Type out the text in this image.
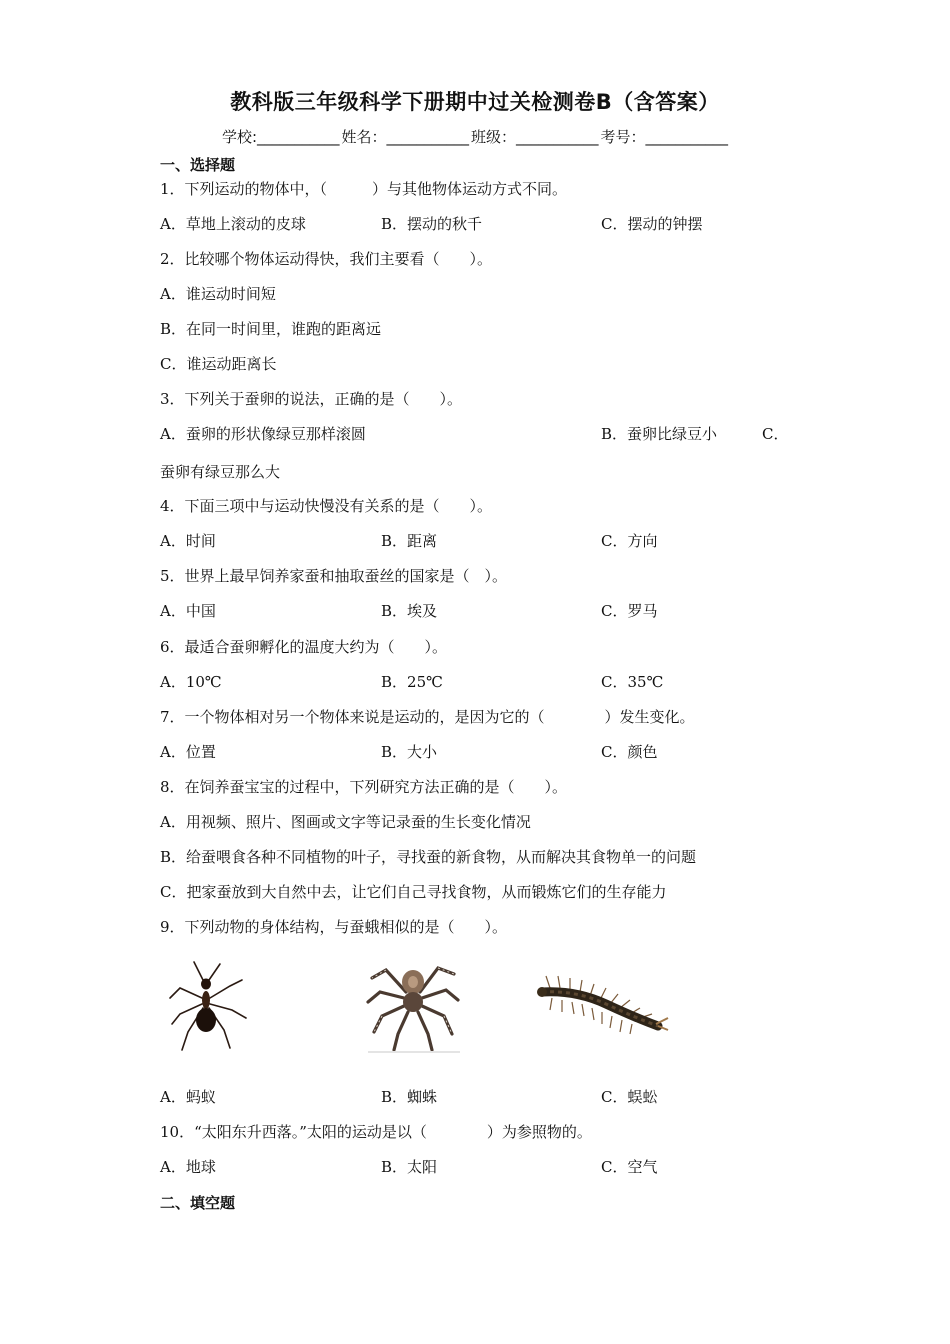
教科版三年级科学下册期中过关检测卷B（含答案）
学校:___________ 姓名：___________ 班级：___________ 考号：___________
一、选择题
1．下列运动的物体中，（　　　）与其他物体运动方式不同。
A．草地上滚动的皮球	B．摆动的秋千	C．摆动的钟摆
2．比较哪个物体运动得快，我们主要看（　　）。
A．谁运动时间短
B．在同一时间里，谁跑的距离远
C．谁运动距离长
3．下列关于蚕卵的说法，正确的是（　　）。
A．蚕卵的形状像绿豆那样滚圆	B．蚕卵比绿豆小	C．
蚕卵有绿豆那么大
4．下面三项中与运动快慢没有关系的是（　　）。
A．时间	B．距离	C．方向
5．世界上最早饲养家蚕和抽取蚕丝的国家是（　）。
A．中国	B．埃及	C．罗马
6．最适合蚕卵孵化的温度大约为（　　）。
A．10℃	B．25℃	C．35℃
7．一个物体相对另一个物体来说是运动的，是因为它的（　　　　）发生变化。
A．位置	B．大小	C．颜色
8．在饲养蚕宝宝的过程中，下列研究方法正确的是（　　）。
A．用视频、照片、图画或文字等记录蚕的生长变化情况
B．给蚕喂食各种不同植物的叶子，寻找蚕的新食物，从而解决其食物单一的问题
C．把家蚕放到大自然中去，让它们自己寻找食物，从而锻炼它们的生存能力
9．下列动物的身体结构，与蚕蛾相似的是（　　）。
A．蚂蚁	B．蜘蛛	C．蜈蚣
10．“太阳东升西落。”太阳的运动是以（　　　　）为参照物的。
A．地球	B．太阳	C．空气
二、填空题
